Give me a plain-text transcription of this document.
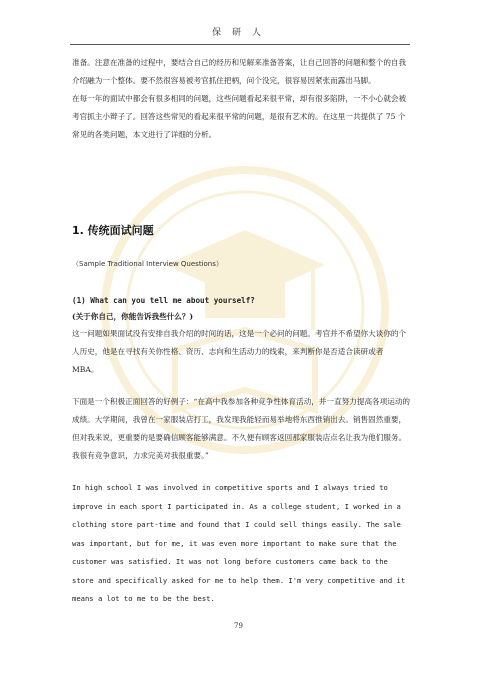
保 研 人

准备。注意在准备的过程中，要结合自己的经历和见解来准备答案，让自己回答的问题和整个的自我介绍融为一个整体。要不然很容易被考官抓住把柄，问个没完，很容易因紧张而露出马脚。

在每一年的面试中都会有很多相同的问题，这些问题看起来很平常，却有很多陷阱，一不小心就会被考官抓主小辫子了。回答这些常见的看起来很平常的问题，是很有艺术的。在这里一共提供了 75 个常见的各类问题，本文进行了详细的分析。

1. 传统面试问题

（Sample Traditional Interview Questions）

(1) What can you tell me about yourself?

(关于你自己，你能告诉我些什么？)

这一问题如果面试没有安排自我介绍的时间的话，这是一个必问的问题。考官并不希望你大谈你的个人历史，他是在寻找有关你性格、资历、志向和生活动力的线索，来判断你是否适合读研或者 MBA。

下面是一个积极正面回答的好例子：“在高中我参加各种竞争性体育活动，并一直努力提高各项运动的成绩。大学期间，我曾在一家服装店打工，我发现我能轻而易举地将东西推销出去。销售固然重要，但对我来说，更重要的是要确信顾客能够满意。不久便有顾客返回那家服装店点名让我为他们服务。我很有竞争意识，力求完美对我很重要。”

In high school I was involved in competitive sports and I always tried to improve in each sport I participated in. As a college student, I worked in a clothing store part-time and found that I could sell things easily. The sale was important, but for me, it was even more important to make sure that the customer was satisfied. It was not long before customers came back to the store and specifically asked for me to help them. I'm very competitive and it means a lot to me to be the best.

79
